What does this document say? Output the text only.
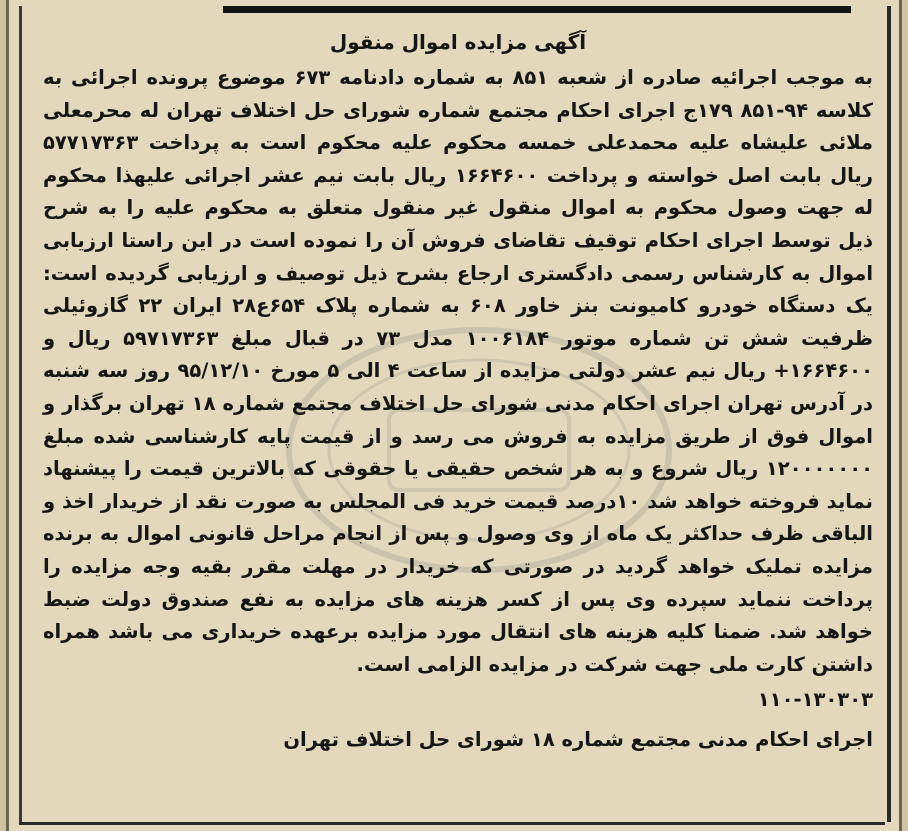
آگهی مزایده اموال منقول

به موجب اجرائیه صادره از شعبه ۸۵۱ به شماره دادنامه ۶۷۳ موضوع پرونده اجرائی به کلاسه ۹۴-۸۵۱ ۱۷۹ج اجرای احکام مجتمع شماره شورای حل اختلاف تهران له محرمعلی ملائی علیشاه علیه محمدعلی خمسه محکوم علیه محکوم است به پرداخت ۵۷۷۱۷۳۶۳ ریال بابت اصل خواسته و پرداخت ۱۶۶۴۶۰۰ ریال بابت نیم عشر اجرائی علیهذا محکوم له جهت وصول محکوم به اموال منقول غیر منقول متعلق به محکوم علیه را به شرح ذیل توسط اجرای احکام توقیف تقاضای فروش آن را نموده است در این راستا ارزیابی اموال به کارشناس رسمی دادگستری ارجاع بشرح ذیل توصیف و ارزیابی گردیده است: یک دستگاه خودرو کامیونت بنز خاور ۶۰۸ به شماره پلاک ۶۵۴ع۲۸ ایران ۲۲ گازوئیلی ظرفیت شش تن شماره موتور ۱۰۰۶۱۸۴ مدل ۷۳ در قبال مبلغ ۵۹۷۱۷۳۶۳ ریال و ۱۶۶۴۶۰۰+ ریال نیم عشر دولتی مزایده از ساعت ۴ الی ۵ مورخ ۹۵/۱۲/۱۰ روز سه شنبه در آدرس تهران اجرای احکام مدنی شورای حل اختلاف مجتمع شماره ۱۸ تهران برگذار و اموال فوق از طریق مزایده به فروش می رسد و از قیمت پایه کارشناسی شده مبلغ ۱۲۰۰۰۰۰۰۰ ریال شروع و به هر شخص حقیقی یا حقوقی که بالاترین قیمت را پیشنهاد نماید فروخته خواهد شد ۱۰درصد قیمت خرید فی المجلس به صورت نقد از خریدار اخذ و الباقی ظرف حداکثر یک ماه از وی وصول و پس از انجام مراحل قانونی اموال به برنده مزایده تملیک خواهد گردید در صورتی که خریدار در مهلت مقرر بقیه وجه مزایده را پرداخت ننماید سپرده وی پس از کسر هزینه های مزایده به نفع صندوق دولت ضبط خواهد شد. ضمنا کلیه هزینه های انتقال مورد مزایده برعهده خریداری می باشد همراه داشتن کارت ملی جهت شرکت در مزایده الزامی است.

۱۱۰-۱۳۰۳۰۳
اجرای احکام مدنی مجتمع شماره ۱۸ شورای حل اختلاف تهران
